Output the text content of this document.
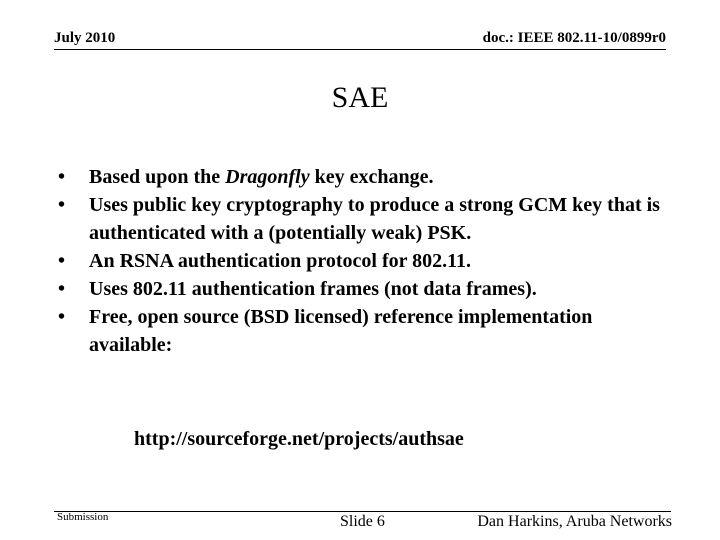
July 2010	doc.: IEEE 802.11-10/0899r0
SAE
•	Based upon the Dragonfly key exchange.
•	Uses public key cryptography to produce a strong GCM key that is authenticated with a (potentially weak) PSK.
•	An RSNA authentication protocol for 802.11.
•	Uses 802.11 authentication frames (not data frames).
•	Free, open source (BSD licensed) reference implementation available:
http://sourceforge.net/projects/authsae
Submission	Slide 6	Dan Harkins, Aruba Networks
